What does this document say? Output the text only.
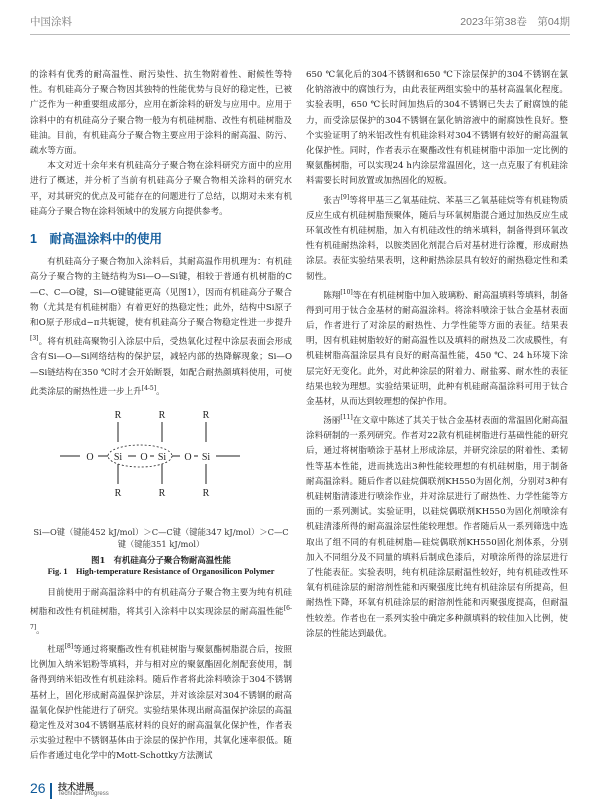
中国涂料	2023年第38卷　第04期

的涂料有优秀的耐高温性、耐污染性、抗生物附着性、耐候性等特性。有机硅高分子聚合物因其独特的性能优势与良好的稳定性，已被广泛作为一种重要组成部分，应用在新涂料的研发与应用中。应用于涂料中的有机硅高分子聚合物一般为有机硅树脂、改性有机硅树脂及硅油。目前，有机硅高分子聚合物主要应用于涂料的耐高温、防污、疏水等方面。

本文对近十余年来有机硅高分子聚合物在涂料研究方面中的应用进行了概述，并分析了当前有机硅高分子聚合物相关涂料的研究水平，对其研究的优点及可能存在的问题进行了总结，以期对未来有机硅高分子聚合物在涂料领域中的发展方向提供参考。

1　耐高温涂料中的使用

有机硅高分子聚合物加入涂料后，其耐高温作用机理为：有机硅高分子聚合物的主链结构为Si—O—Si键，相较于普通有机树脂的C—C、C—O键，Si—O键键能更高（见图1），因而有机硅高分子聚合物（尤其是有机硅树脂）有着更好的热稳定性；此外，结构中Si原子和O原子形成d−π共轭键，使有机硅高分子聚合物稳定性进一步提升[3]。将有机硅高聚物引入涂层中后，受热氧化过程中涂层表面会形成含有Si—O—Si网络结构的保护层，减轻内部的热降解现象；Si—O—Si链结构在350 ℃时才会开始断裂，如配合耐热颜填料使用，可使此类涂层的耐热性进一步上升[4-5]。

R	R	R
O Si O Si O Si
R	R	R
Si—O键（键能452 kJ/mol）＞C—C键（键能347 kJ/mol）＞C—C键（键能351 kJ/mol）
图1　有机硅高分子聚合物耐高温性能
Fig. 1　High-temperature Resistance of Organosilicon Polymer

目前使用于耐高温涂料中的有机硅高分子聚合物主要为纯有机硅树脂和改性有机硅树脂，将其引入涂料中以实现涂层的耐高温性能[6-7]。

杜瑶[8]等通过将聚酯改性有机硅树脂与聚氨酯树脂混合后，按照比例加入纳米铝粉等填料，并与相对应的聚氨酯固化剂配套使用，制备得到纳米铝改性有机硅涂料。随后作者将此涂料喷涂于304不锈钢基材上，固化形成耐高温保护涂层，并对该涂层对304不锈钢的耐高温氧化保护性能进行了研究。实验结果体现出耐高温保护涂层的高温稳定性及对304不锈钢基底材料的良好的耐高温氧化保护性，作者表示实验过程中不锈钢基体由于涂层的保护作用，其氧化速率很低。随后作者通过电化学中的Mott-Schottky方法测试

650 ℃氧化后的304不锈钢和650 ℃下涂层保护的304不锈钢在氯化钠溶液中的腐蚀行为，由此表征两组实验中的基材高温氧化程度。实验表明，650 ℃长时间加热后的304不锈钢已失去了耐腐蚀的能力，而受涂层保护的304不锈钢在氯化钠溶液中的耐腐蚀性良好。整个实验证明了纳米铝改性有机硅涂料对304不锈钢有较好的耐高温氧化保护性。同时，作者表示在聚酯改性有机硅树脂中添加一定比例的聚氨酯树脂，可以实现24 h内涂层常温固化，这一点克服了有机硅涂料需要长时间放置或加热固化的短板。

张吉[9]等将甲基三乙氧基硅烷、苯基三乙氧基硅烷等有机硅物质反应生成有机硅树脂预聚体，随后与环氧树脂混合通过加热反应生成环氧改性有机硅树脂，加入有机硅改性的纳米填料，制备得到环氧改性有机硅耐热涂料，以胺类固化剂混合后对基材进行涂覆，形成耐热涂层。表征实验结果表明，这种耐热涂层具有较好的耐热稳定性和柔韧性。

陈翔[10]等在有机硅树脂中加入玻璃粉、耐高温填料等填料，制备得到可用于钛合金基材的耐高温涂料。将涂料喷涂于钛合金基材表面后，作者进行了对涂层的耐热性、力学性能等方面的表征。结果表明，因有机硅树脂较好的耐高温性以及填料的耐热及二次成膜性，有机硅树脂高温涂层具有良好的耐高温性能，450 ℃、24 h环境下涂层完好无变化。此外，对此种涂层的附着力、耐盐雾、耐水性的表征结果也较为理想。实验结果证明，此种有机硅耐高温涂料可用于钛合金基材，从而达到较理想的保护作用。

汤丽[11]在文章中陈述了其关于钛合金基材表面的常温固化耐高温涂料研制的一系列研究。作者对22款有机硅树脂进行基础性能的研究后，通过将树脂喷涂于基材上形成涂层，并研究涂层的附着性、柔韧性等基本性能，进而挑选出3种性能较理想的有机硅树脂，用于制备耐高温涂料。随后作者以硅烷偶联剂KH550为固化剂，分别对3种有机硅树脂清漆进行喷涂作业，并对涂层进行了耐热性、力学性能等方面的一系列测试。实验证明，以硅烷偶联剂KH550为固化剂喷涂有机硅清漆所得的耐高温涂层性能较理想。作者随后从一系列筛选中选取出了组不同的有机硅树脂—硅烷偶联剂KH550固化剂体系，分别加入不同组分及不同量的填料后制成色漆后，对喷涂所得的涂层进行了性能表征。实验表明，纯有机硅涂层耐温性较好，纯有机硅改性环氧有机硅涂层的耐溶剂性能和丙聚强度比纯有机硅涂层有所提高，但耐热性下降，环氧有机硅涂层的耐溶剂性能和丙聚强度提高，但耐温性较差。作者也在一系列实验中确定多种颜填料的较佳加入比例，使涂层的性能达到最优。

26 技术进展
Technical Progress
